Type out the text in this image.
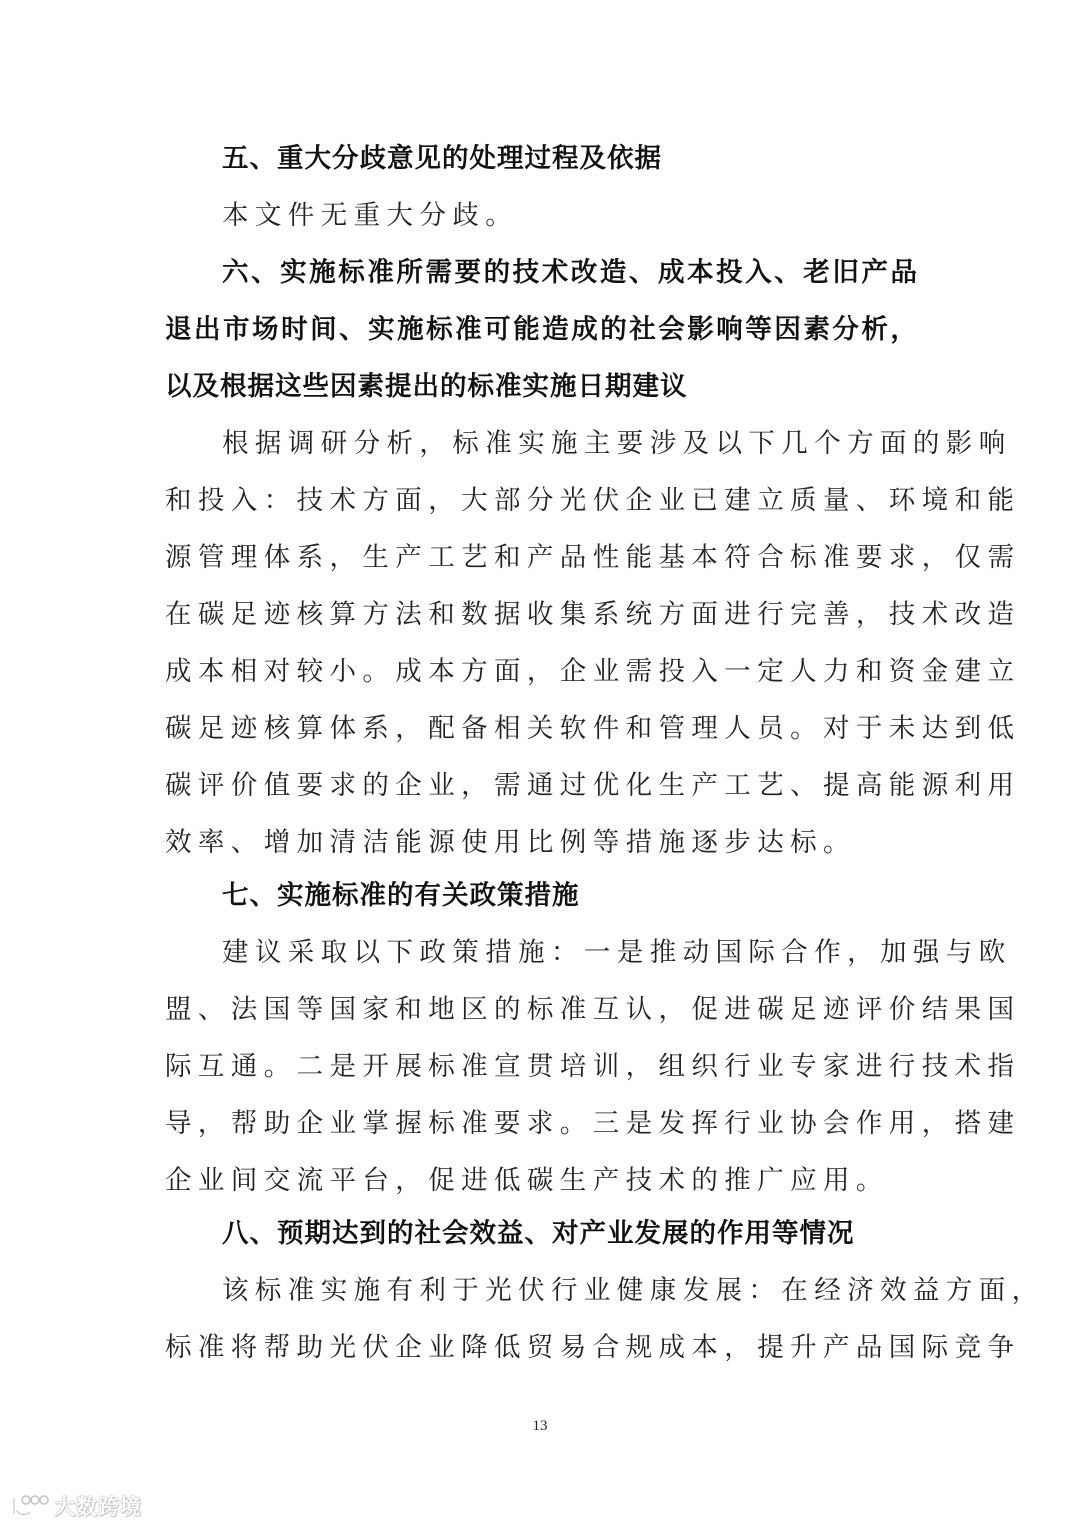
五、重大分歧意见的处理过程及依据
本文件无重大分歧。
六 、 实 施 标 准 所 需 要 的 技 术 改 造 、 成 本 投 入 、 老 旧 产 品
退 出 市 场 时 间 、 实 施 标 准 可 能 造 成 的 社 会 影 响 等 因 素 分 析 ，
以及根据这些因素提出的标准实施日期建议
根据调研分析，标准实施主要涉及以下几个方面的影响
和投入：技术方面，大部分光伏企业已建立质量、环境和能
源管理体系，生产工艺和产品性能基本符合标准要求，仅需
在碳足迹核算方法和数据收集系统方面进行完善，技术改造
成本相对较小。成本方面，企业需投入一定人力和资金建立
碳足迹核算体系，配备相关软件和管理人员。对于未达到低
碳评价值要求的企业，需通过优化生产工艺、提高能源利用
效率、增加清洁能源使用比例等措施逐步达标。
七、实施标准的有关政策措施
建议采取以下政策措施：一是推动国际合作，加强与欧
盟、法国等国家和地区的标准互认，促进碳足迹评价结果国
际互通。二是开展标准宣贯培训，组织行业专家进行技术指
导，帮助企业掌握标准要求。三是发挥行业协会作用，搭建
企业间交流平台，促进低碳生产技术的推广应用。
八、预期达到的社会效益、对产业发展的作用等情况
该标准实施有利于光伏行业健康发展：在经济效益方面，
标准将帮助光伏企业降低贸易合规成本，提升产品国际竞争
13
大数跨境
